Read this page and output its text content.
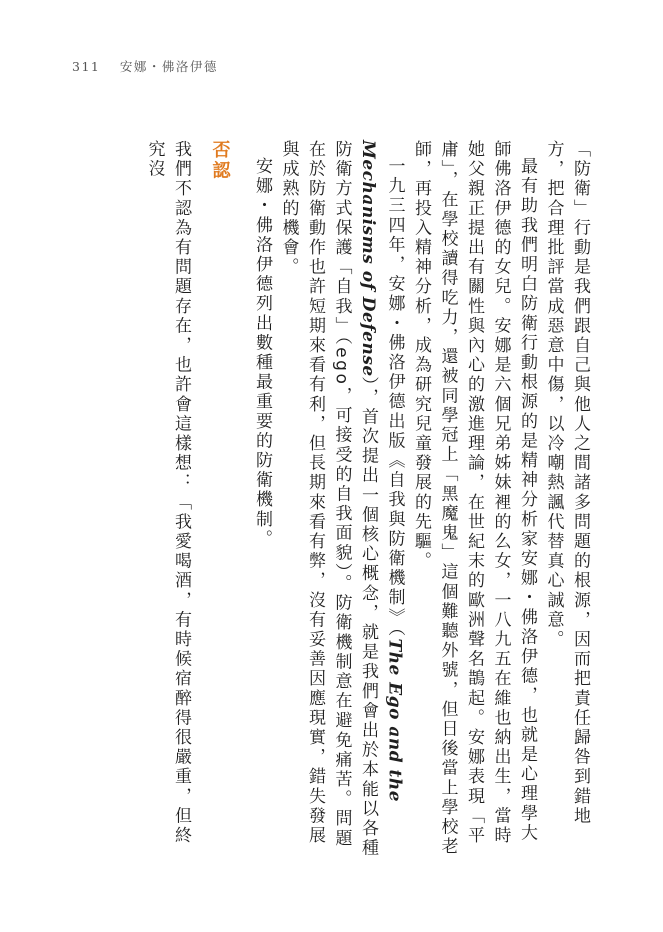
311 安娜・佛洛伊德

「防衛」行動是我們跟自己與他人之間諸多問題的根源，因而把責任歸咎到錯地方，把合理批評當成惡意中傷，以冷嘲熱諷代替真心誠意。

最有助我們明白防衛行動根源的是精神分析家安娜・佛洛伊德，也就是心理學大師佛洛伊德的女兒。安娜是六個兄弟姊妹裡的么女，一八九五在維也納出生，當時她父親正提出有關性與內心的激進理論，在世紀末的歐洲聲名鵲起。安娜表現「平庸」，在學校讀得吃力，還被同學冠上「黑魔鬼」這個難聽外號，但日後當上學校老師，再投入精神分析，成為研究兒童發展的先驅。

一九三四年，安娜・佛洛伊德出版《自我與防衛機制》（The Ego and the Mechanisms of Defense），首次提出一個核心概念，就是我們會出於本能以各種防衛方式保護「自我」（ego，可接受的自我面貌）。防衛機制意在避免痛苦。問題在於防衛動作也許短期來看有利，但長期來看有弊，沒有妥善因應現實，錯失發展與成熟的機會。

安娜・佛洛伊德列出數種最重要的防衛機制。

否認

我們不認為有問題存在，也許會這樣想：「我愛喝酒，有時候宿醉得很嚴重，但終究沒
